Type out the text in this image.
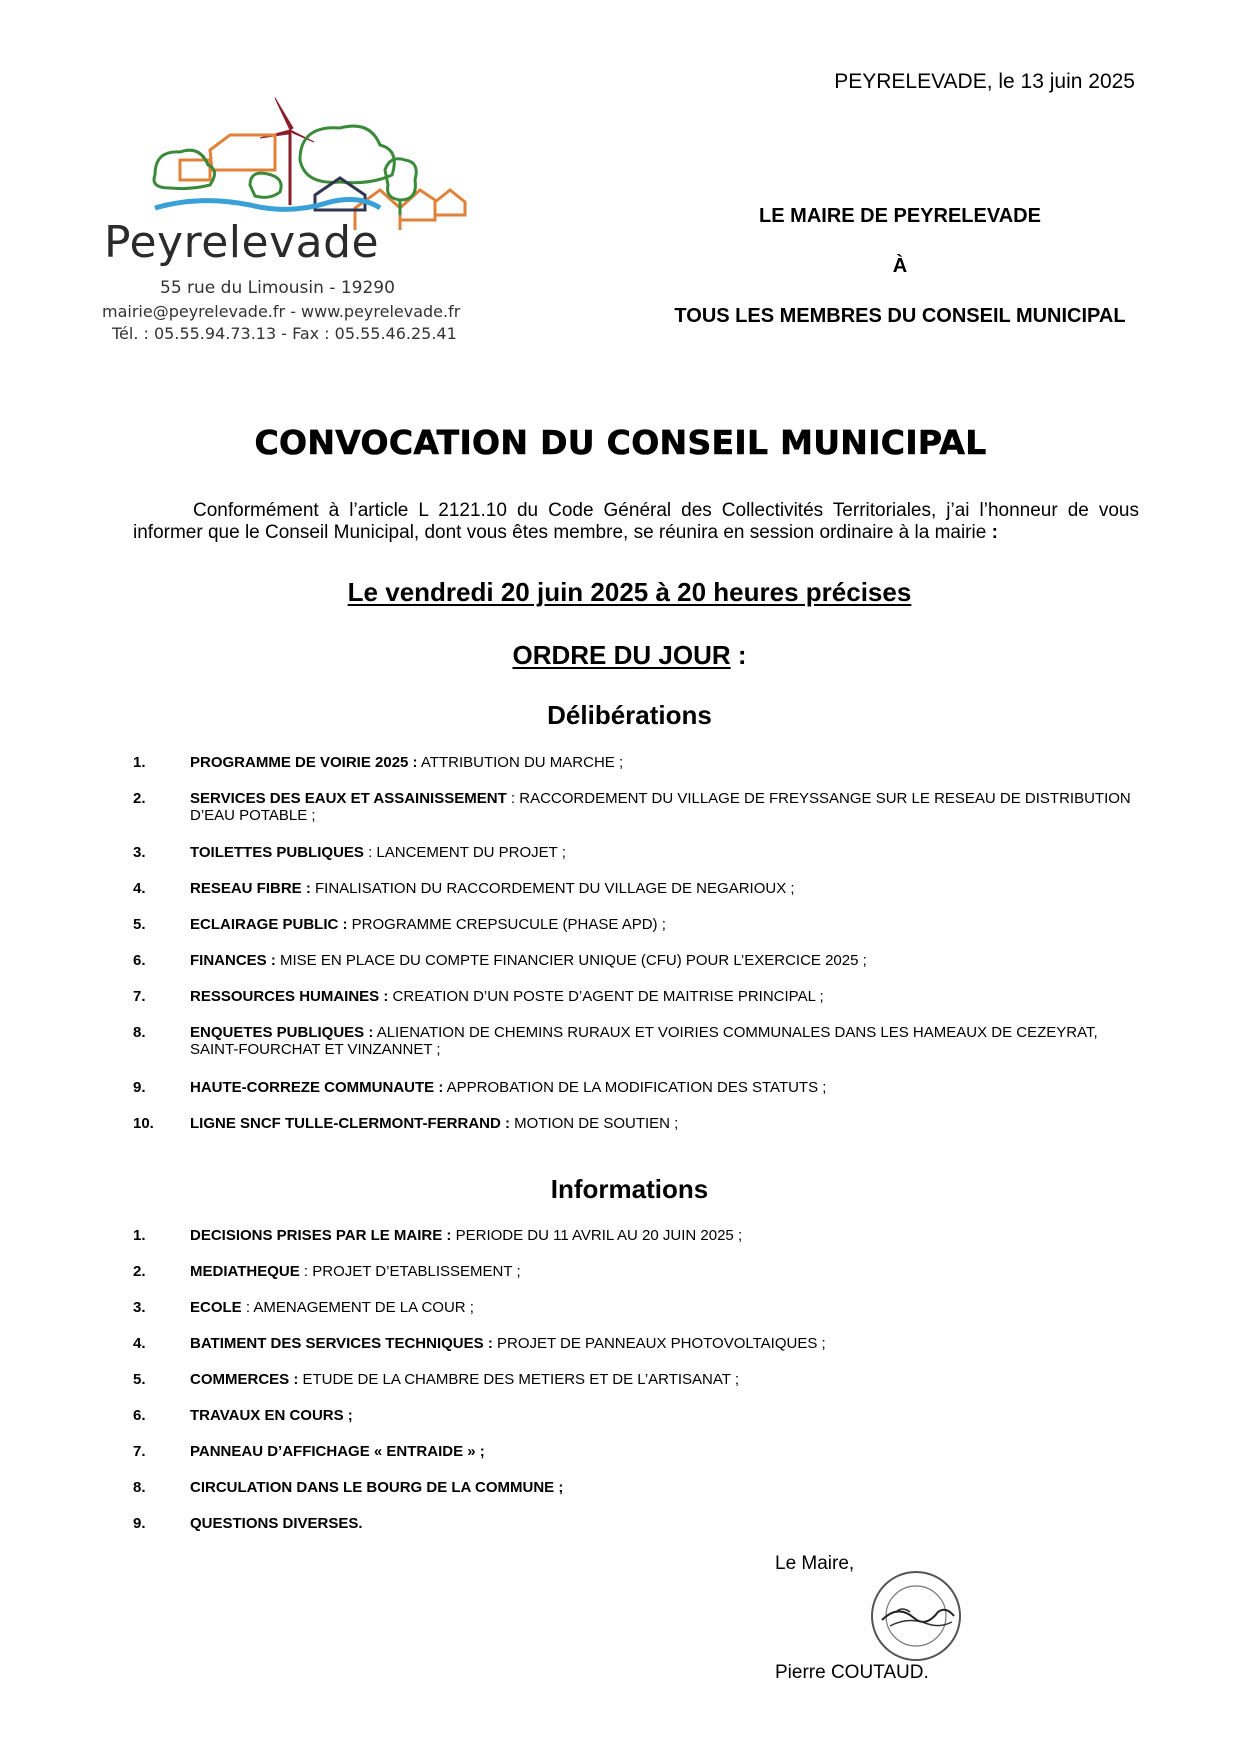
PEYRELEVADE, le 13 juin 2025
Peyrelevade
55 rue du Limousin - 19290
mairie@peyrelevade.fr - www.peyrelevade.fr
Tél. : 05.55.94.73.13 - Fax : 05.55.46.25.41
LE MAIRE DE PEYRELEVADE
À
TOUS LES MEMBRES DU CONSEIL MUNICIPAL
CONVOCATION DU CONSEIL MUNICIPAL
Conformément à l’article L 2121.10 du Code Général des Collectivités Territoriales, j’ai l’honneur de vous informer que le Conseil Municipal, dont vous êtes membre, se réunira en session ordinaire à la mairie :
Le vendredi 20 juin 2025 à 20 heures précises
ORDRE DU JOUR :
Délibérations
1.	PROGRAMME DE VOIRIE 2025 : ATTRIBUTION DU MARCHE ;
2.	SERVICES DES EAUX ET ASSAINISSEMENT : RACCORDEMENT DU VILLAGE DE FREYSSANGE SUR LE RESEAU DE DISTRIBUTION D’EAU POTABLE ;
3.	TOILETTES PUBLIQUES : LANCEMENT DU PROJET ;
4.	RESEAU FIBRE : FINALISATION DU RACCORDEMENT DU VILLAGE DE NEGARIOUX ;
5.	ECLAIRAGE PUBLIC : PROGRAMME CREPSUCULE (PHASE APD) ;
6.	FINANCES : MISE EN PLACE DU COMPTE FINANCIER UNIQUE (CFU) POUR L’EXERCICE 2025 ;
7.	RESSOURCES HUMAINES : CREATION D’UN POSTE D’AGENT DE MAITRISE PRINCIPAL ;
8.	ENQUETES PUBLIQUES : ALIENATION DE CHEMINS RURAUX ET VOIRIES COMMUNALES DANS LES HAMEAUX DE CEZEYRAT, SAINT-FOURCHAT ET VINZANNET ;
9.	HAUTE-CORREZE COMMUNAUTE : APPROBATION DE LA MODIFICATION DES STATUTS ;
10. LIGNE SNCF TULLE-CLERMONT-FERRAND : MOTION DE SOUTIEN ;
Informations
1.	DECISIONS PRISES PAR LE MAIRE : PERIODE DU 11 AVRIL AU 20 JUIN 2025 ;
2.	MEDIATHEQUE : PROJET D’ETABLISSEMENT ;
3.	ECOLE : AMENAGEMENT DE LA COUR ;
4.	BATIMENT DES SERVICES TECHNIQUES : PROJET DE PANNEAUX PHOTOVOLTAIQUES ;
5.	COMMERCES : ETUDE DE LA CHAMBRE DES METIERS ET DE L’ARTISANAT ;
6.	TRAVAUX EN COURS ;
7.	PANNEAU D’AFFICHAGE « ENTRAIDE » ;
8.	CIRCULATION DANS LE BOURG DE LA COMMUNE ;
9.	QUESTIONS DIVERSES.
Le Maire,
Pierre COUTAUD.
